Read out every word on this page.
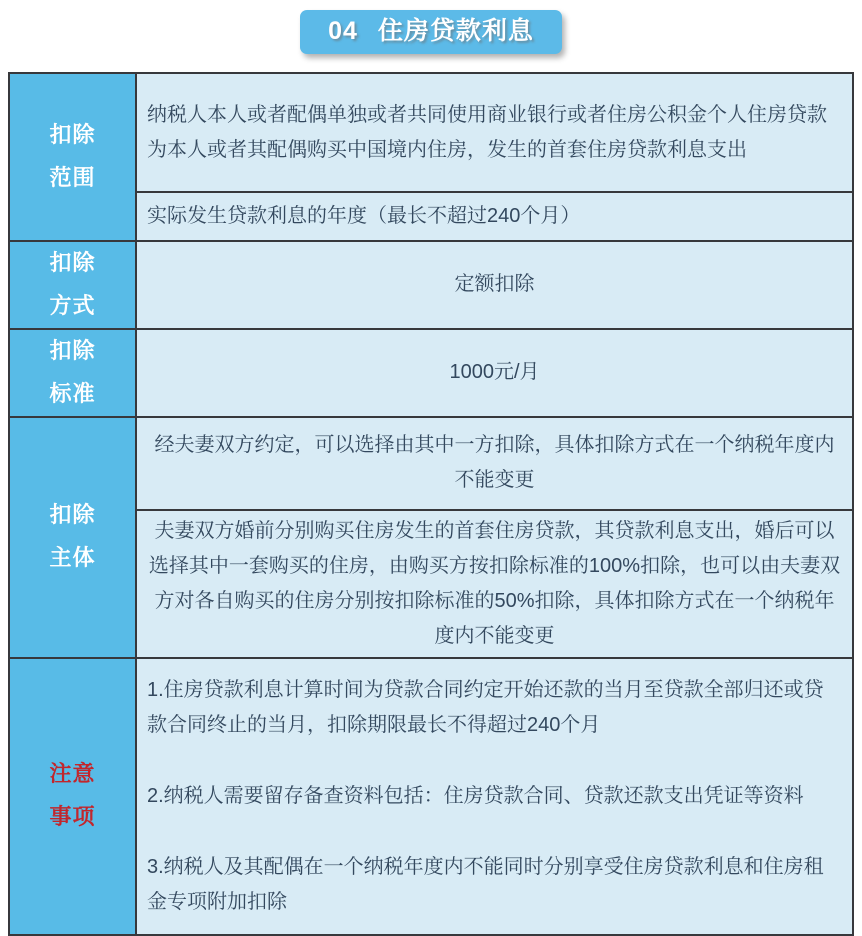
04 住房贷款利息
扣除
范围

纳税人本人或者配偶单独或者共同使用商业银行或者住房公积金个人住房贷款为本人或者其配偶购买中国境内住房，发生的首套住房贷款利息支出

实际发生贷款利息的年度（最长不超过240个月）

扣除
方式

定额扣除

扣除
标准

1000元/月

扣除
主体

经夫妻双方约定，可以选择由其中一方扣除，具体扣除方式在一个纳税年度内不能变更

夫妻双方婚前分别购买住房发生的首套住房贷款，其贷款利息支出，婚后可以选择其中一套购买的住房，由购买方按扣除标准的100%扣除，也可以由夫妻双方对各自购买的住房分别按扣除标准的50%扣除，具体扣除方式在一个纳税年度内不能变更

注意
事项

1.住房贷款利息计算时间为贷款合同约定开始还款的当月至贷款全部归还或贷款合同终止的当月，扣除期限最长不得超过240个月

2.纳税人需要留存备查资料包括：住房贷款合同、贷款还款支出凭证等资料

3.纳税人及其配偶在一个纳税年度内不能同时分别享受住房贷款利息和住房租金专项附加扣除
